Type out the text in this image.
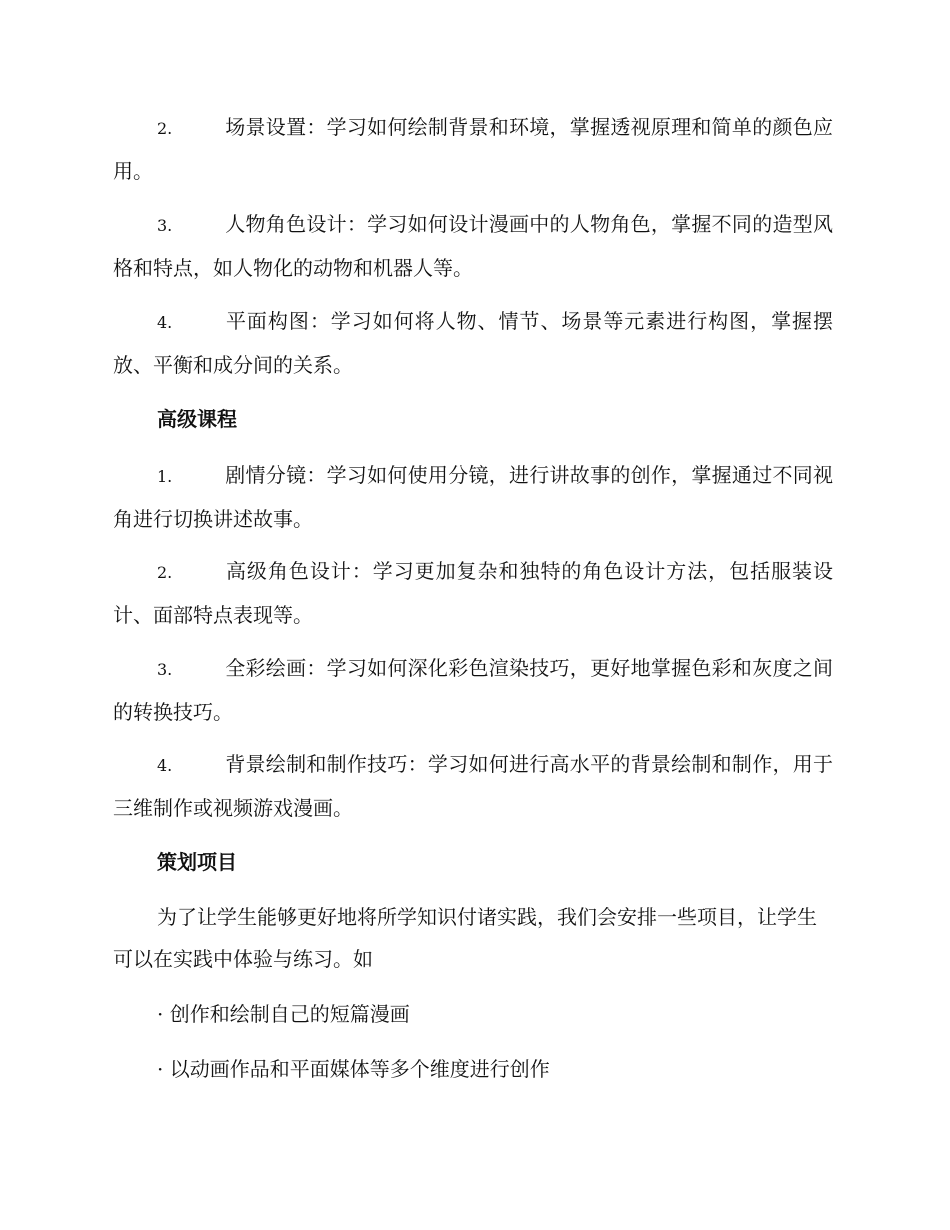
2.	场景设置：学习如何绘制背景和环境，掌握透视原理和简单的颜色应用。

3.	人物角色设计：学习如何设计漫画中的人物角色，掌握不同的造型风格和特点，如人物化的动物和机器人等。

4.	平面构图：学习如何将人物、情节、场景等元素进行构图，掌握摆放、平衡和成分间的关系。

高级课程

1.	剧情分镜：学习如何使用分镜，进行讲故事的创作，掌握通过不同视角进行切换讲述故事。

2.	高级角色设计：学习更加复杂和独特的角色设计方法，包括服装设计、面部特点表现等。

3.	全彩绘画：学习如何深化彩色渲染技巧，更好地掌握色彩和灰度之间的转换技巧。

4.	背景绘制和制作技巧：学习如何进行高水平的背景绘制和制作，用于三维制作或视频游戏漫画。

策划项目

为了让学生能够更好地将所学知识付诸实践，我们会安排一些项目，让学生可以在实践中体验与练习。如

· 创作和绘制自己的短篇漫画

· 以动画作品和平面媒体等多个维度进行创作
